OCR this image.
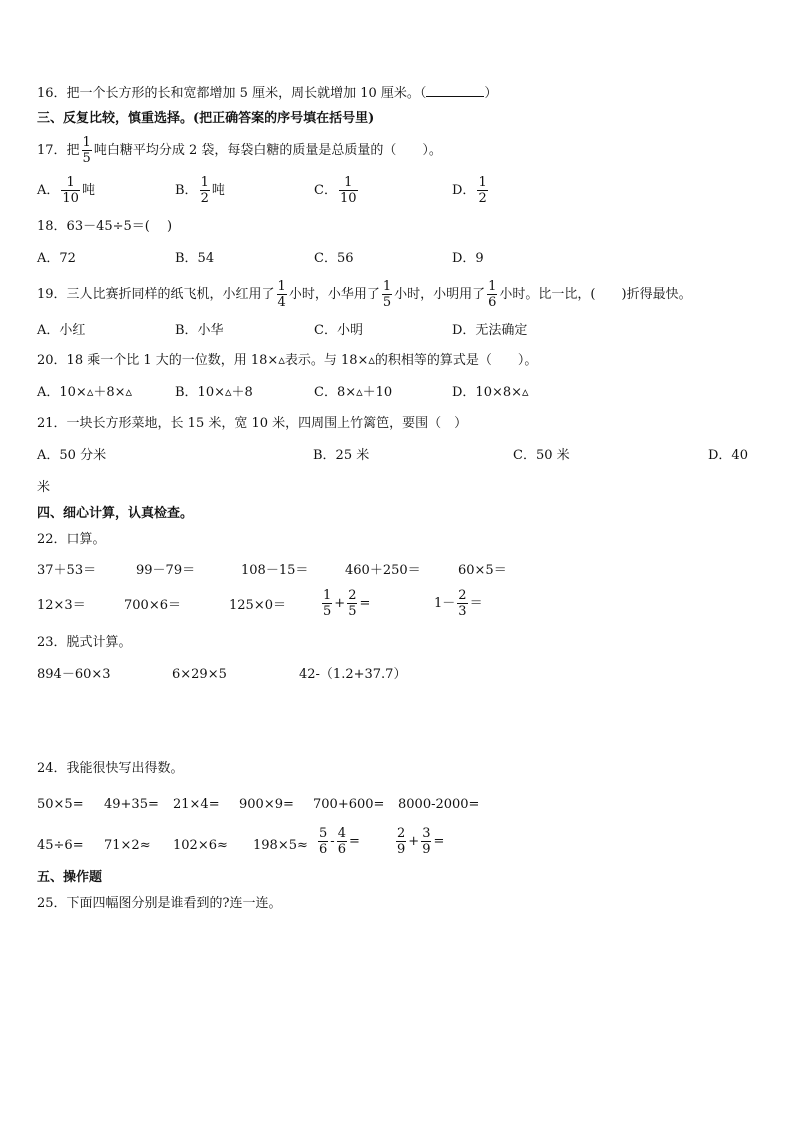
16．把一个长方形的长和宽都增加 5 厘米，周长就增加 10 厘米。（	）
三、反复比较，慎重选择。(把正确答案的序号填在括号里)
17．把 $\frac{1}{5}$ 吨白糖平均分成 2 袋，每袋白糖的质量是总质量的（　　）。
A． $\frac{1}{10}$ 吨	B． $\frac{1}{2}$ 吨	C． $\frac{1}{10}$	D． $\frac{1}{2}$
18．63－45÷5＝(　 )
A．72	B．54	C．56	D．9
19．三人比赛折同样的纸飞机，小红用了 $\frac{1}{4}$ 小时，小华用了 $\frac{1}{5}$ 小时，小明用了 $\frac{1}{6}$ 小时。比一比，(　　)折得最快。
A．小红	B．小华	C．小明	D．无法确定
20．18 乘一个比 1 大的一位数，用 18×▵表示。与 18×▵的积相等的算式是（　　）。
A．10×▵＋8×▵	B．10×▵＋8	C．8×▵＋10	D．10×8×▵
21．一块长方形菜地，长 15 米，宽 10 米，四周围上竹篱笆，要围（　）
A．50 分米	B．25 米	C．50 米	D．40
米
四、细心计算，认真检查。
22．口算。
37＋53＝	99－79＝	108－15＝	460＋250＝	60×5＝
12×3＝	700×6＝	125×0＝	$\frac{1}{5} + \frac{2}{5}$ =	$1- \frac{2}{3}$ ＝
23．脱式计算。
894－60×3	6×29×5	42-（1.2+37.7）
24．我能很快写出得数。
50×5= 49+35= 21×4= 900×9= 700+600= 8000-2000=
$45\div 6= 71\times 2\approx 102\times 6\approx 198\times 5\approx \frac{5}{6} - \frac{4}{6}$ =	$\frac{2}{9} + \frac{3}{9}$ =
五、操作题
25．下面四幅图分别是谁看到的?连一连。
